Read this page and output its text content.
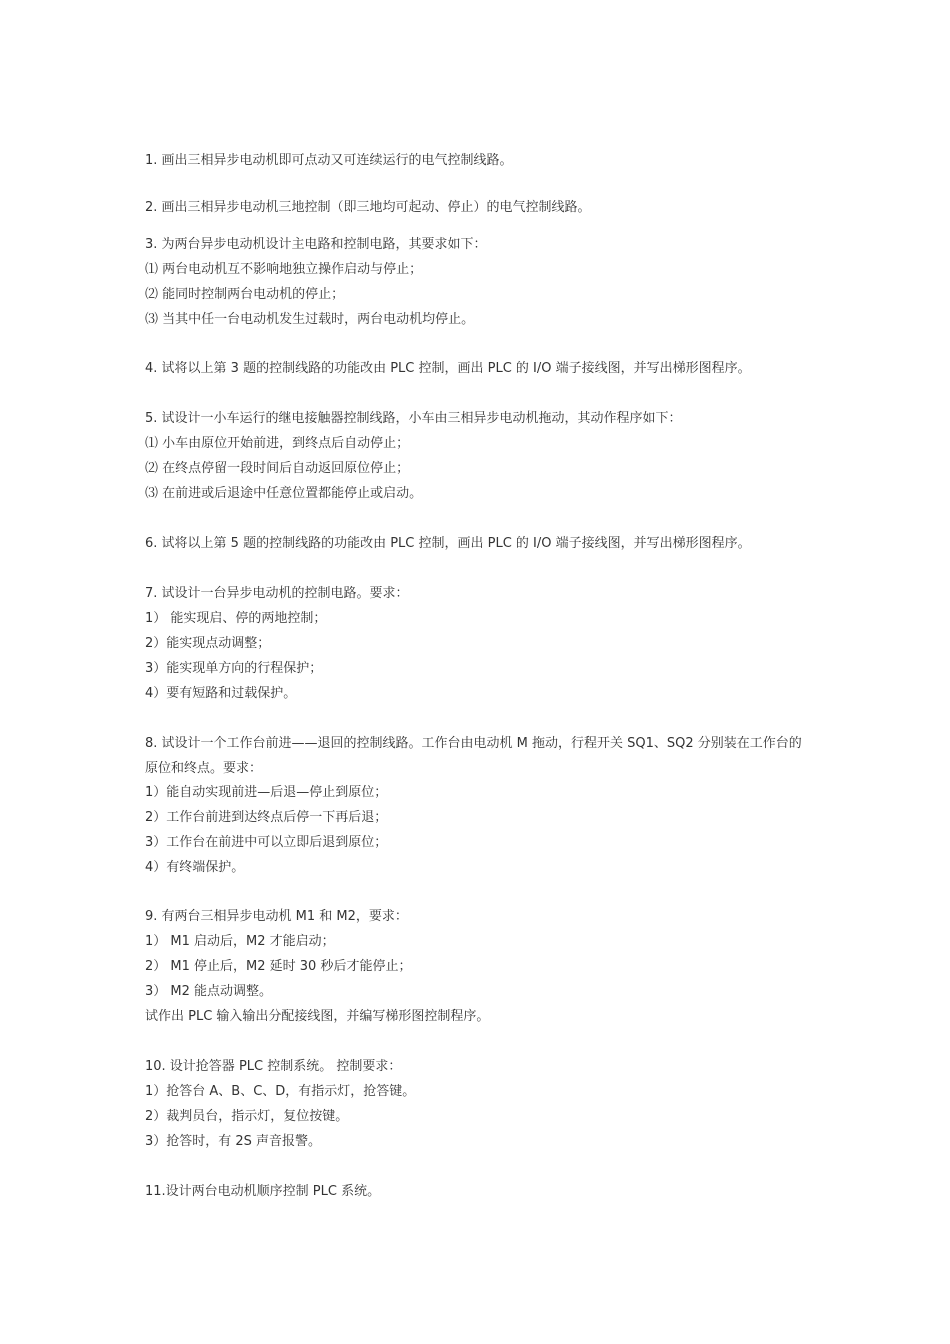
1. 画出三相异步电动机即可点动又可连续运行的电气控制线路。
2. 画出三相异步电动机三地控制（即三地均可起动、停止）的电气控制线路。
3. 为两台异步电动机设计主电路和控制电路，其要求如下：
⑴ 两台电动机互不影响地独立操作启动与停止；
⑵ 能同时控制两台电动机的停止；
⑶ 当其中任一台电动机发生过载时，两台电动机均停止。
4. 试将以上第 3 题的控制线路的功能改由 PLC 控制，画出 PLC 的 I/O 端子接线图，并写出梯形图程序。
5. 试设计一小车运行的继电接触器控制线路，小车由三相异步电动机拖动，其动作程序如下：
⑴ 小车由原位开始前进，到终点后自动停止；
⑵ 在终点停留一段时间后自动返回原位停止；
⑶ 在前进或后退途中任意位置都能停止或启动。
6. 试将以上第 5 题的控制线路的功能改由 PLC 控制，画出 PLC 的 I/O 端子接线图，并写出梯形图程序。
7. 试设计一台异步电动机的控制电路。要求：
1） 能实现启、停的两地控制；
2）能实现点动调整；
3）能实现单方向的行程保护；
4）要有短路和过载保护。
8. 试设计一个工作台前进——退回的控制线路。工作台由电动机 M 拖动，行程开关 SQ1、SQ2 分别装在工作台的原位和终点。要求：
1）能自动实现前进—后退—停止到原位；
2）工作台前进到达终点后停一下再后退；
3）工作台在前进中可以立即后退到原位；
4）有终端保护。
9. 有两台三相异步电动机 M1 和 M2，要求：
1） M1 启动后，M2 才能启动；
2） M1 停止后，M2 延时 30 秒后才能停止；
3） M2 能点动调整。
试作出 PLC 输入输出分配接线图，并编写梯形图控制程序。
10. 设计抢答器 PLC 控制系统。 控制要求：
1）抢答台 A、B、C、D，有指示灯，抢答键。
2）裁判员台，指示灯，复位按键。
3）抢答时，有 2S 声音报警。
11.设计两台电动机顺序控制 PLC 系统。
